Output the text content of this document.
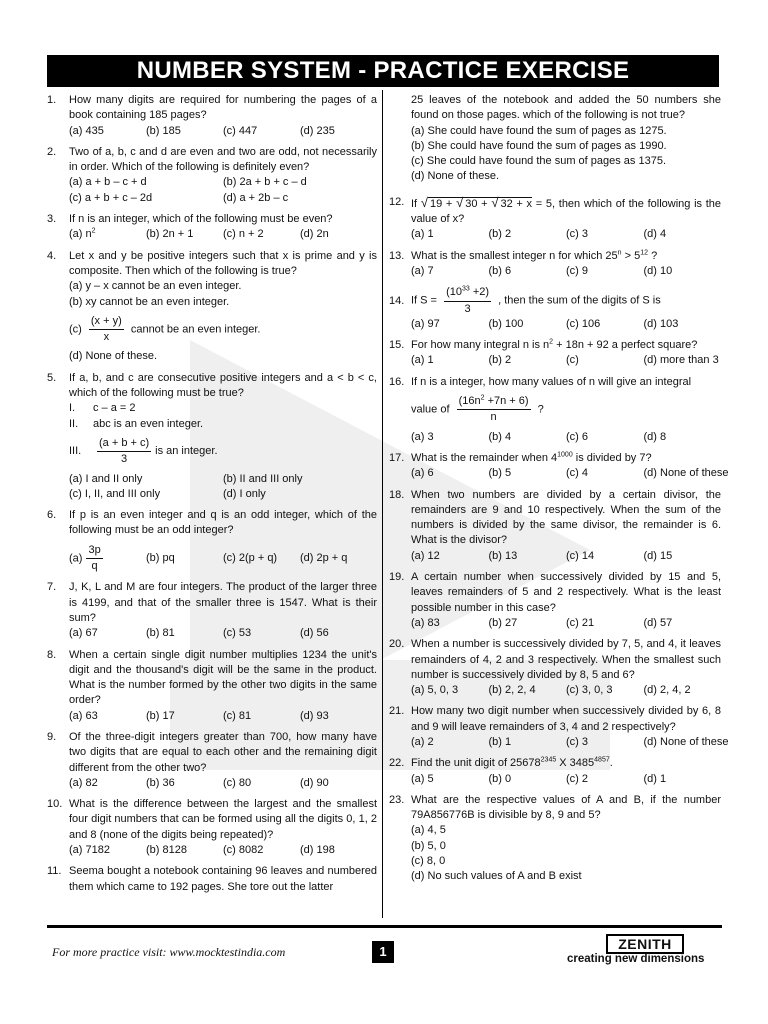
NUMBER SYSTEM - PRACTICE EXERCISE
1. How many digits are required for numbering the pages of a book containing 185 pages?
(a) 435	(b) 185	(c) 447	(d) 235
2. Two of a, b, c and d are even and two are odd, not necessarily in order. Which of the following is definitely even?
(a) a + b – c + d	(b) 2a + b + c – d
(c) a + b + c – 2d	(d) a + 2b – c
3. If n is an integer, which of the following must be even?
(a) $n^2$	(b) 2n + 1	(c) n + 2	(d) 2n
4. Let x and y be positive integers such that x is prime and y is composite. Then which of the following is true?
(a) y – x cannot be an even integer.
(b) xy cannot be an even integer.
$(c) \frac{(x + y)}{x}$ cannot be an even integer.
(d) None of these.
5. If a, b, and c are consecutive positive integers and a < b < c, which of the following must be true?
I.	c – a = 2
II.	abc is an even integer.
III.	$\frac{(a + b + c)}{3}$ is an integer.
(a) I and II only	(b) II and III only
(c) I, II, and III only	(d) I only
6. If p is an even integer and q is an odd integer, which of the following must be an odd integer?
$(a) \frac{3p}{q}$	(b) pq	(c) 2(p + q)	(d) 2p + q
7. J, K, L and M are four integers. The product of the larger three is 4199, and that of the smaller three is 1547. What is their sum?
(a) 67	(b) 81	(c) 53	(d) 56
8. When a certain single digit number multiplies 1234 the unit's digit and the thousand's digit will be the same in the product. What is the number formed by the other two digits in the same order?
(a) 63	(b) 17	(c) 81	(d) 93
9. Of the three-digit integers greater than 700, how many have two digits that are equal to each other and the remaining digit different from the other two?
(a) 82	(b) 36	(c) 80	(d) 90
10. What is the difference between the largest and the smallest four digit numbers that can be formed using all the digits 0, 1, 2 and 8 (none of the digits being repeated)?
(a) 7182	(b) 8128	(c) 8082	(d) 198
11. Seema bought a notebook containing 96 leaves and numbered them which came to 192 pages. She tore out the latter
25 leaves of the notebook and added the 50 numbers she found on those pages. which of the following is not true?
(a) She could have found the sum of pages as 1275.
(b) She could have found the sum of pages as 1990.
(c) She could have found the sum of pages as 1375.
(d) None of these.
12. If √ 19 + √ 30 + √ 32 + x = 5, then which of the following is the value of x?
(a) 1	(b) 2	(c) 3	(d) 4
13. What is the smallest integer n for which $25^n > 5^{12}$ ?
(a) 7	(b) 6	(c) 9	(d) 10
14. If $S = \frac{(10^{33} +2)}{3}$ , then the sum of the digits of S is
(a) 97	(b) 100	(c) 106	(d) 103
15. For how many integral n is $n^2 + 18n + 92$ a perfect square?
(a) 1	(b) 2	(c)	(d) more than 3
16. If n is a integer, how many values of n will give an integral
value of $\frac{(16n^2 +7n + 6)}{n}$ ?
(a) 3	(b) 4	(c) 6	(d) 8
17. What is the remainder when $4^{1000}$ is divided by 7?
(a) 6	(b) 5	(c) 4	(d) None of these
18. When two numbers are divided by a certain divisor, the remainders are 9 and 10 respectively. When the sum of the numbers is divided by the same divisor, the remainder is 6. What is the divisor?
(a) 12	(b) 13	(c) 14	(d) 15
19. A certain number when successively divided by 15 and 5, leaves remainders of 5 and 2 respectively. What is the least possible number in this case?
(a) 83	(b) 27	(c) 21	(d) 57
20. When a number is successively divided by 7, 5, and 4, it leaves remainders of 4, 2 and 3 respectively. When the smallest such number is successively divided by 8, 5 and 6?
(a) 5, 0, 3	(b) 2, 2, 4	(c) 3, 0, 3	(d) 2, 4, 2
21. How many two digit number when successively divided by 6, 8 and 9 will leave remainders of 3, 4 and 2 respectively?
(a) 2	(b) 1	(c) 3	(d) None of these
22. Find the unit digit of $25678^{2345}$ X $3485^{4857}$.
(a) 5	(b) 0	(c) 2	(d) 1
23. What are the respective values of A and B, if the number 79A856776B is divisible by 8, 9 and 5?
(a) 4, 5
(b) 5, 0
(c) 8, 0
(d) No such values of A and B exist
For more practice visit: www.mocktestindia.com	1	ZENITH
creating new dimensions
